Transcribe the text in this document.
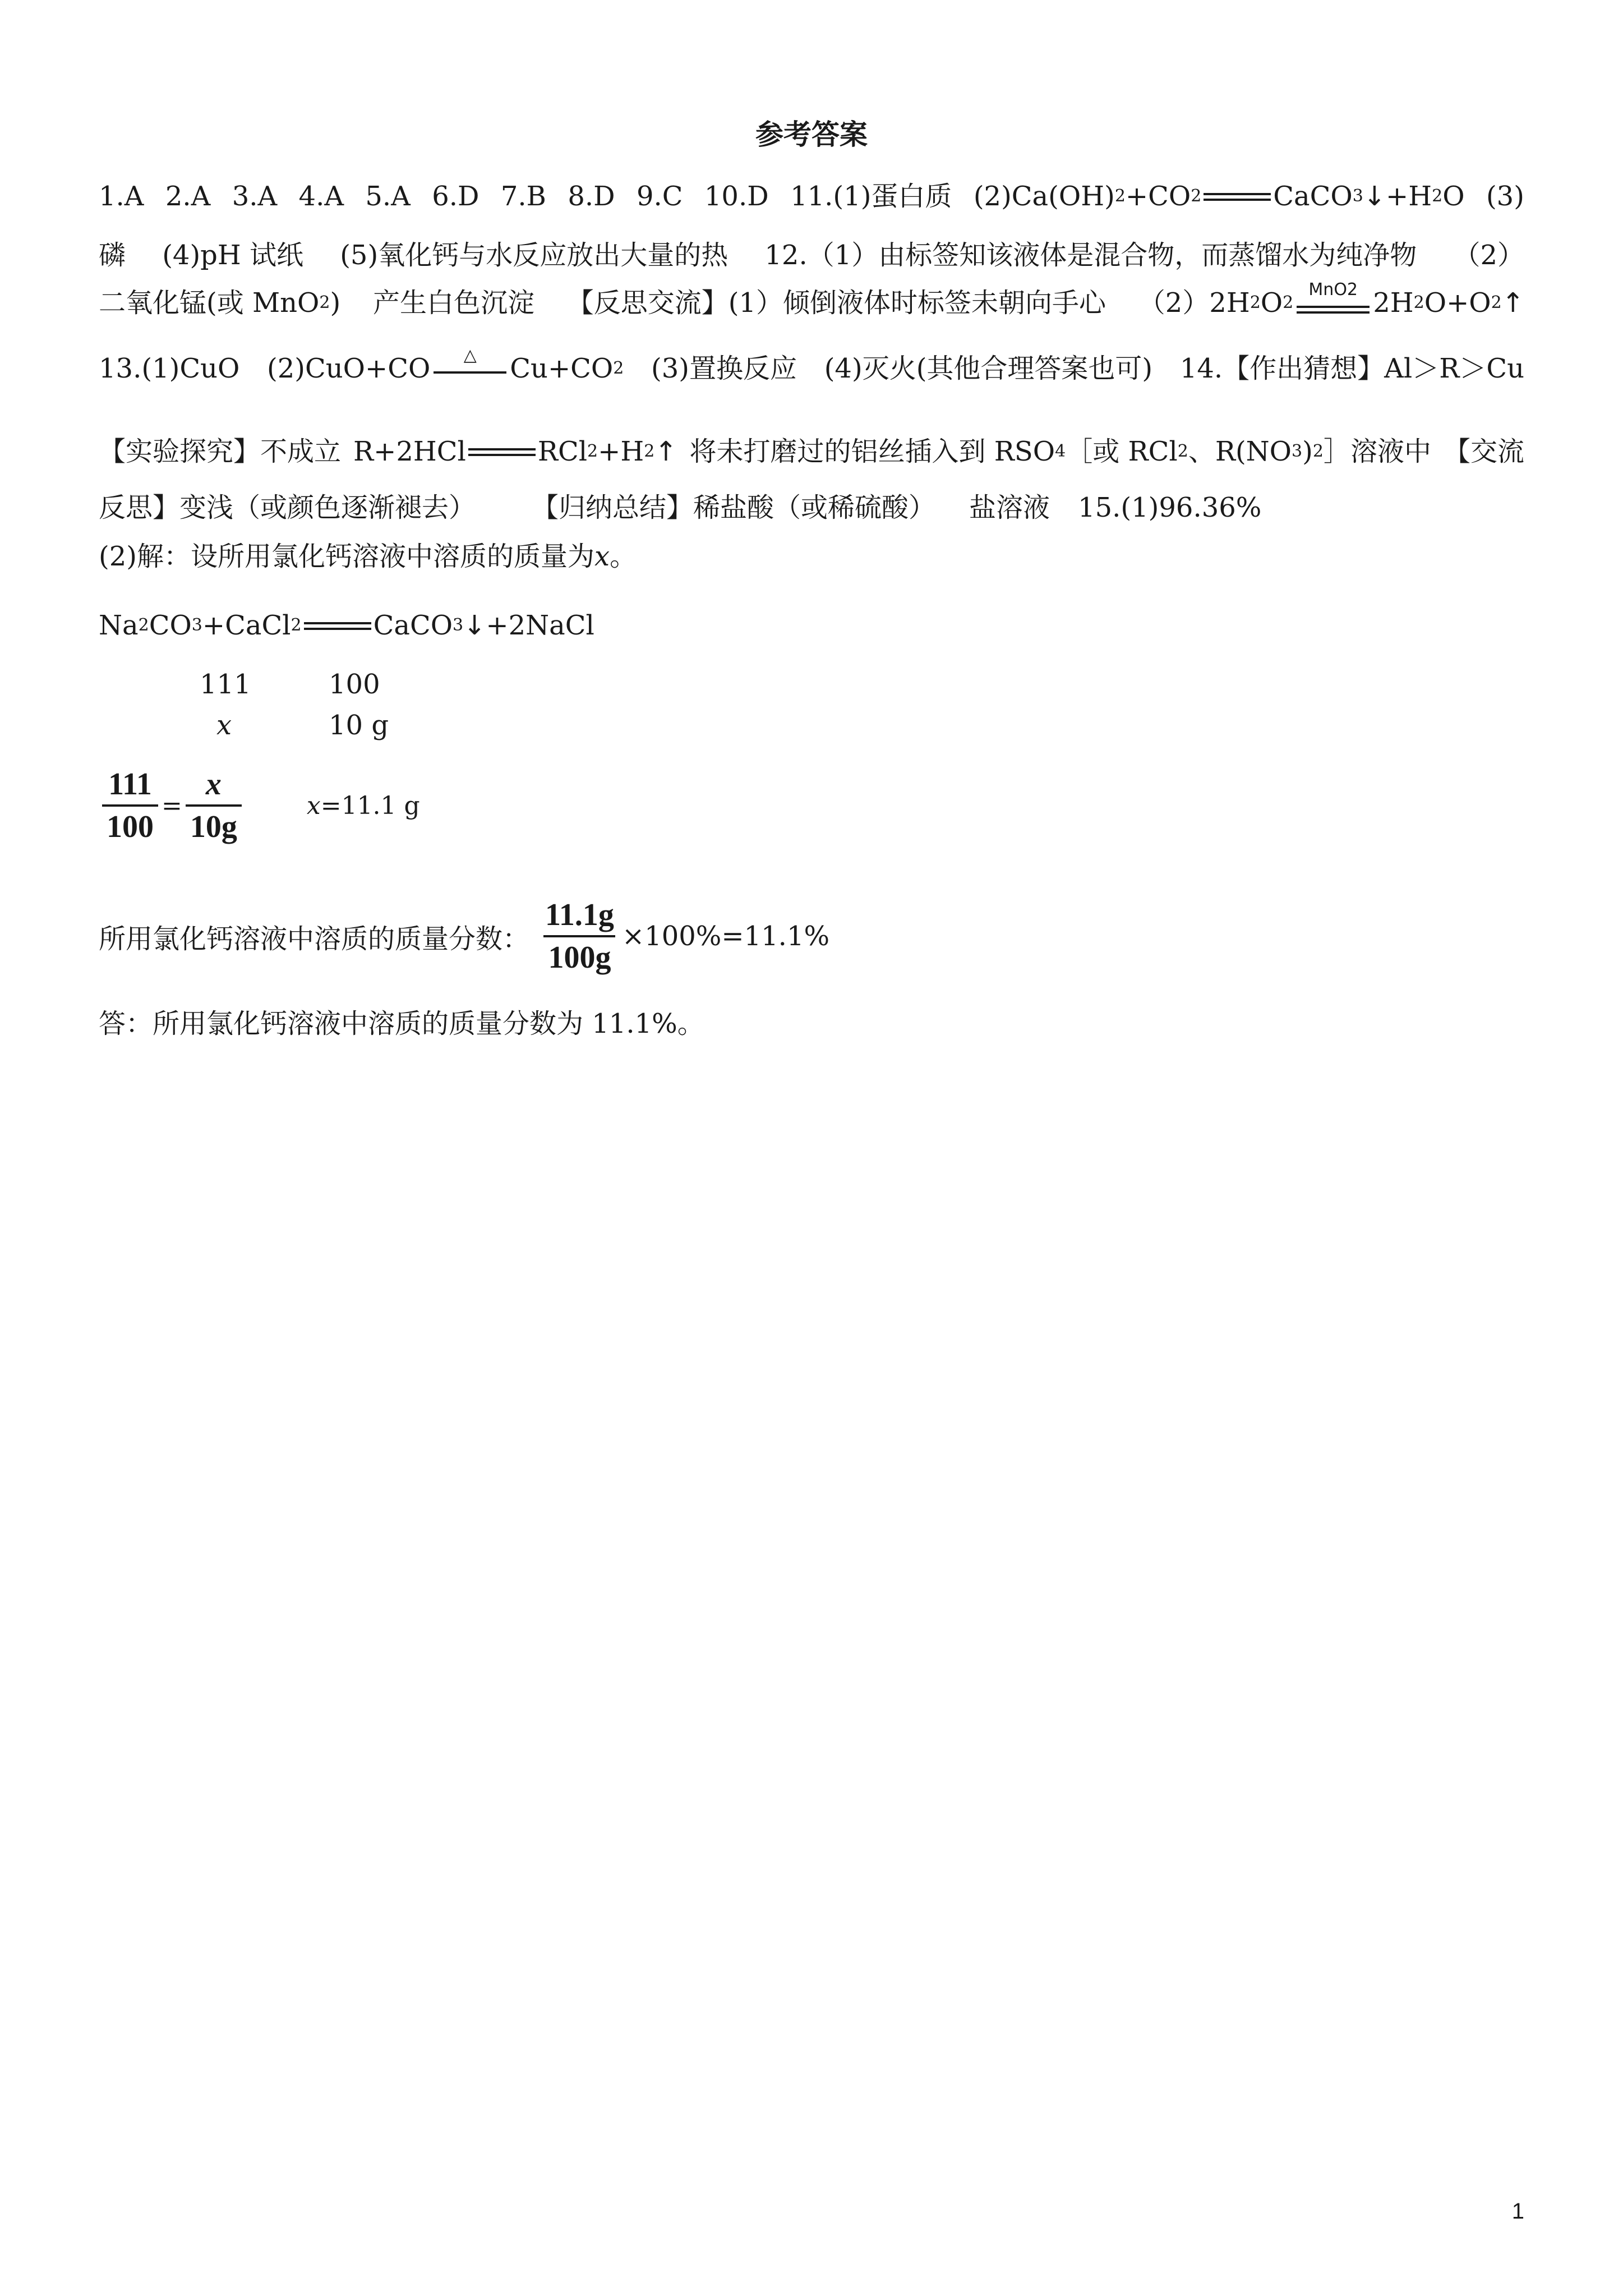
参考答案
1.A 2.A 3.A 4.A 5.A 6.D 7.B 8.D 9.C 10.D 11.(1)蛋白质 (2)Ca(OH) 2 +CO 2	CaCO 3 ↓ +H 2 O (3)
磷 (4)pH 试纸 (5)氧化钙与水反应放出大量的热 12.（1）由标签知该液体是混合物，而蒸馏水为纯净物 （2）
二氧化锰(或 MnO 2 ) 产生白色沉淀 【反思交流】(1）倾倒液体时标签未朝向手心 （2）2H 2 O 2
MnO2 2H 2 O+O 2 ↑
13.(1)CuO (2)CuO+CO	△	Cu+CO 2 (3)置换反应 (4)灭火(其他合理答案也可) 14.【作出猜想】Al＞R＞Cu
【实验探究】不成立 R+2HCl	RCl 2 +H 2 ↑ 将未打磨过的铝丝插入到 RSO 4 ［或 RCl 2 、R(NO 3 ) 2 ］溶液中 【交流
反思】变浅（或颜色逐渐褪去） 【归纳总结】稀盐酸（或稀硫酸） 盐溶液 15.(1)96.36%
(2)解：设所用氯化钙溶液中溶质的质量为 x 。
Na 2 CO 3 +CaCl 2	CaCO 3 ↓ +2NaCl
111	100
x	10 g
$\frac{111}{100} = \frac{x}{10g}$	x=11.1 g
所用氯化钙溶液中溶质的质量分数： $\frac{11.1g}{100g} \times 100\%=11.1\%$
答：所用氯化钙溶液中溶质的质量分数为 11.1%。
1
